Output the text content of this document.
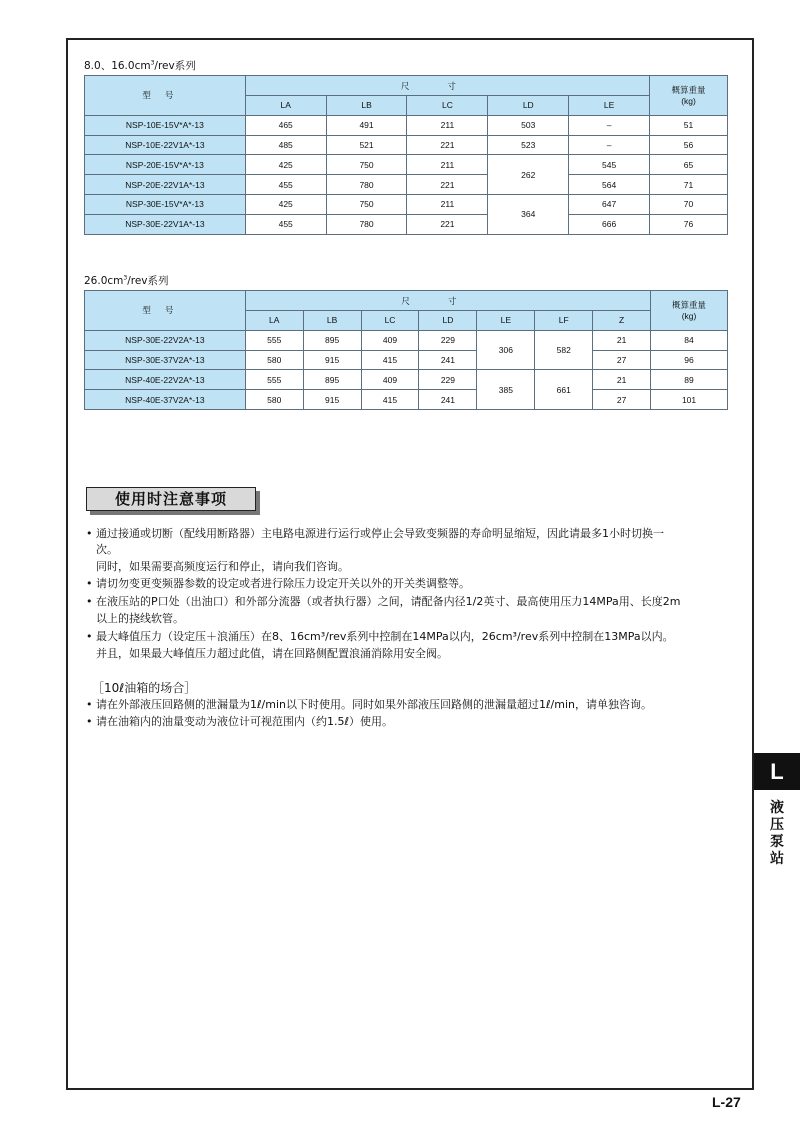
8.0、$16.0cm^3$/rev系列
型号	尺寸					概算重量
(kg)
	LA	LB	LC	LD	LE	
NSP-10E-15V*A*-13	465	491	211	503	–	51
NSP-10E-22V1A*-13	485	521	221	523	–	56
NSP-20E-15V*A*-13	425	750	211	262	545	65
NSP-20E-22V1A*-13	455	780	221		564	71
NSP-30E-15V*A*-13	425	750	211	364	647	70
NSP-30E-22V1A*-13	455	780	221		666	76
$26.0cm^3$/rev系列
型号	尺寸							概算重量
(kg)
	LA	LB	LC	LD	LE	LF	Z	
NSP-30E-22V2A*-13	555	895	409	229	306	582	21	84
NSP-30E-37V2A*-13	580	915	415	241			27	96
NSP-40E-22V2A*-13	555	895	409	229	385	661	21	89
NSP-40E-37V2A*-13	580	915	415	241			27	101
使用时注意事项
• 通过接通或切断（配线用断路器）主电路电源进行运行或停止会导致变频器的寿命明显缩短，因此请最多1小时切换一
次。
同时，如果需要高频度运行和停止，请向我们咨询。
• 请切勿变更变频器参数的设定或者进行除压力设定开关以外的开关类调整等。
• 在液压站的P口处（出油口）和外部分流器（或者执行器）之间，请配备内径1/2英寸、最高使用压力14MPa用、长度2m
以上的挠线软管。
• 最大峰值压力（设定压＋浪涌压）在8、16cm³/rev系列中控制在14MPa以内，26cm³/rev系列中控制在13MPa以内。
并且，如果最大峰值压力超过此值，请在回路侧配置浪涌消除用安全阀。
［10ℓ油箱的场合］
• 请在外部液压回路侧的泄漏量为1ℓ/min以下时使用。同时如果外部液压回路侧的泄漏量超过1ℓ/min，请单独咨询。
• 请在油箱内的油量变动为液位计可视范围内（约1.5ℓ）使用。
L
液压泵站
L-27
